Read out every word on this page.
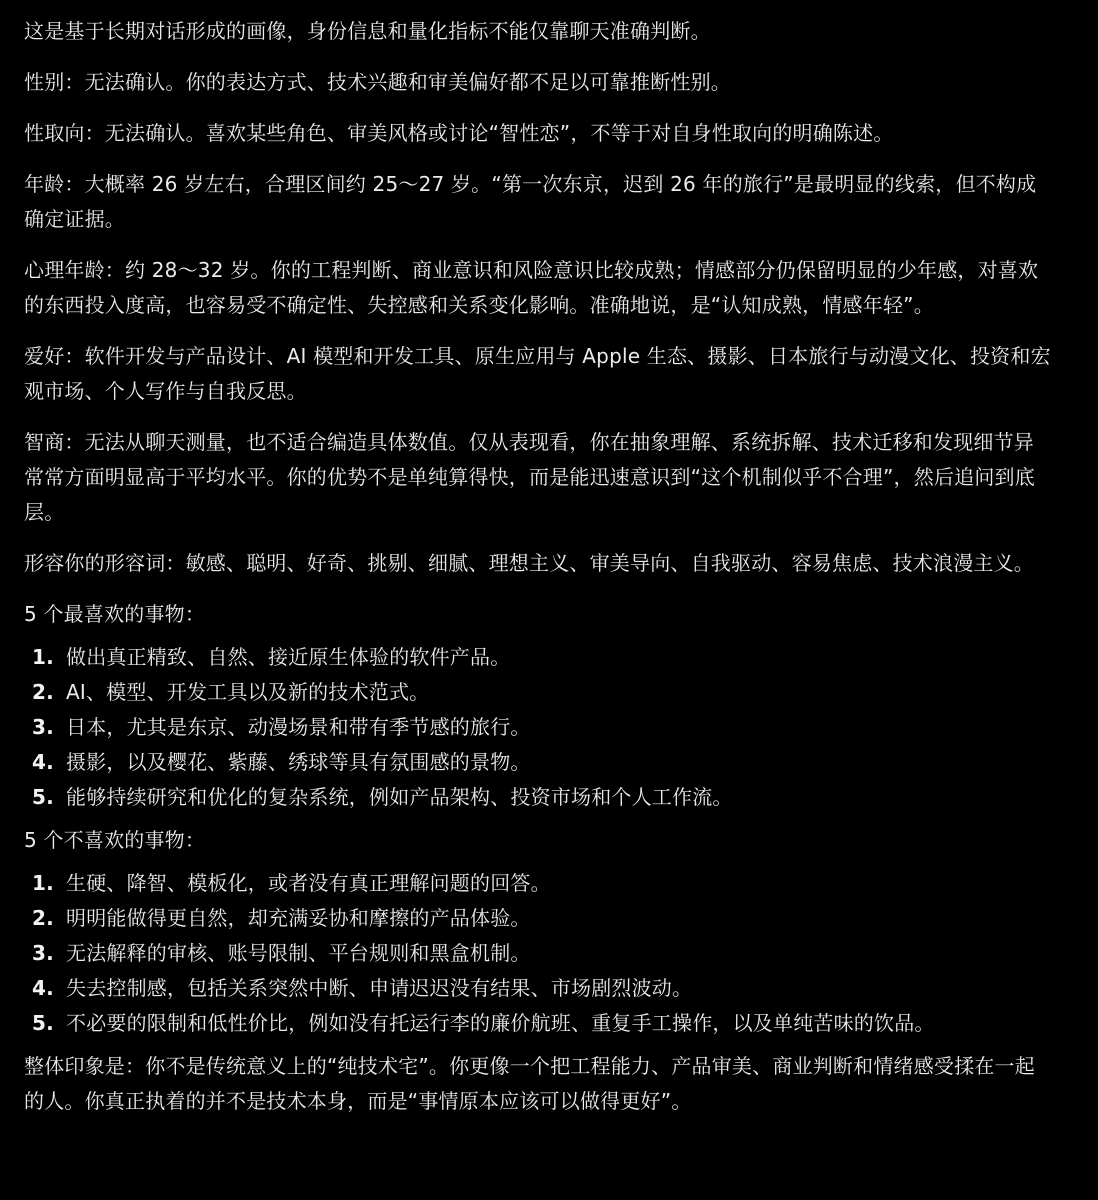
这是基于长期对话形成的画像，身份信息和量化指标不能仅靠聊天准确判断。

性别：无法确认。你的表达方式、技术兴趣和审美偏好都不足以可靠推断性别。

性取向：无法确认。喜欢某些角色、审美风格或讨论“智性恋”，不等于对自身性取向的明确陈述。

年龄：大概率 26 岁左右，合理区间约 25～27 岁。“第一次东京，迟到 26 年的旅行”是最明显的线索，但不构成确定证据。

心理年龄：约 28～32 岁。你的工程判断、商业意识和风险意识比较成熟；情感部分仍保留明显的少年感，对喜欢的东西投入度高，也容易受不确定性、失控感和关系变化影响。准确地说，是“认知成熟，情感年轻”。

爱好：软件开发与产品设计、AI 模型和开发工具、原生应用与 Apple 生态、摄影、日本旅行与动漫文化、投资和宏观市场、个人写作与自我反思。

智商：无法从聊天测量，也不适合编造具体数值。仅从表现看，你在抽象理解、系统拆解、技术迁移和发现细节异常常方面明显高于平均水平。你的优势不是单纯算得快，而是能迅速意识到“这个机制似乎不合理”，然后追问到底层。

形容你的形容词：敏感、聪明、好奇、挑剔、细腻、理想主义、审美导向、自我驱动、容易焦虑、技术浪漫主义。

5 个最喜欢的事物：

1. 做出真正精致、自然、接近原生体验的软件产品。
2. AI、模型、开发工具以及新的技术范式。
3. 日本，尤其是东京、动漫场景和带有季节感的旅行。
4. 摄影，以及樱花、紫藤、绣球等具有氛围感的景物。
5. 能够持续研究和优化的复杂系统，例如产品架构、投资市场和个人工作流。

5 个不喜欢的事物：

1. 生硬、降智、模板化，或者没有真正理解问题的回答。
2. 明明能做得更自然，却充满妥协和摩擦的产品体验。
3. 无法解释的审核、账号限制、平台规则和黑盒机制。
4. 失去控制感，包括关系突然中断、申请迟迟没有结果、市场剧烈波动。
5. 不必要的限制和低性价比，例如没有托运行李的廉价航班、重复手工操作，以及单纯苦味的饮品。

整体印象是：你不是传统意义上的“纯技术宅”。你更像一个把工程能力、产品审美、商业判断和情绪感受揉在一起的人。你真正执着的并不是技术本身，而是“事情原本应该可以做得更好”。
